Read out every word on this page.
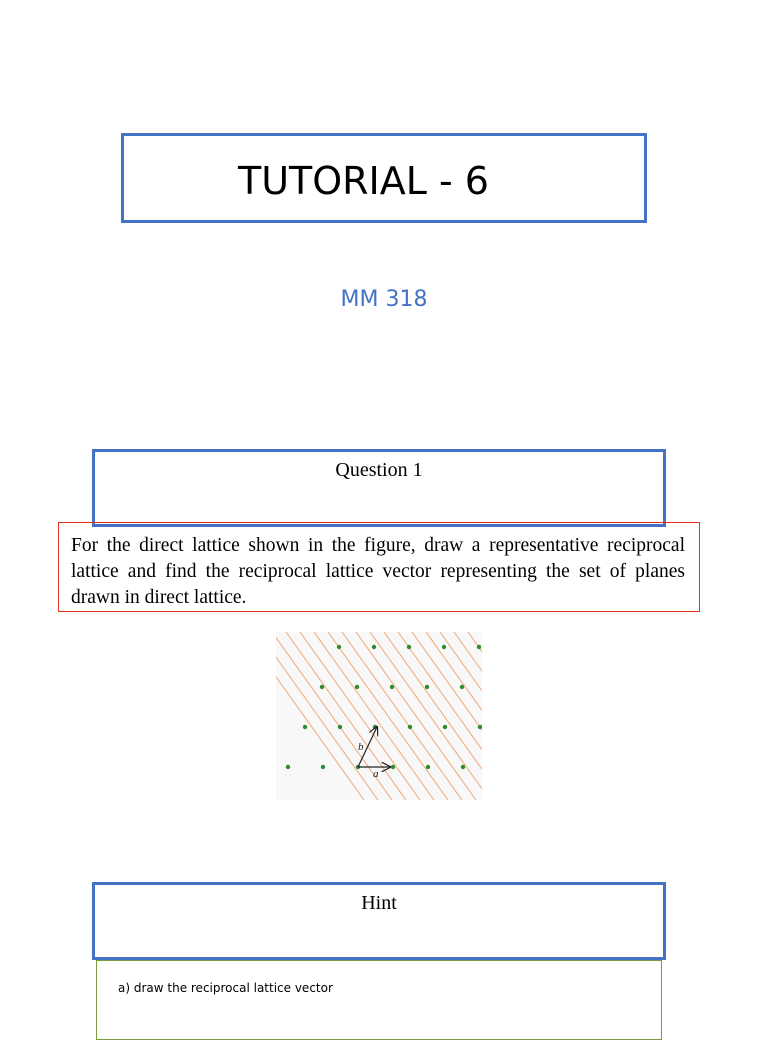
TUTORIAL - 6
MM 318
Question 1

For the direct lattice shown in the figure, draw a representative reciprocal lattice and find the reciprocal lattice vector representing the set of planes drawn in direct lattice.

b
a
Hint
a) draw the reciprocal lattice vector
